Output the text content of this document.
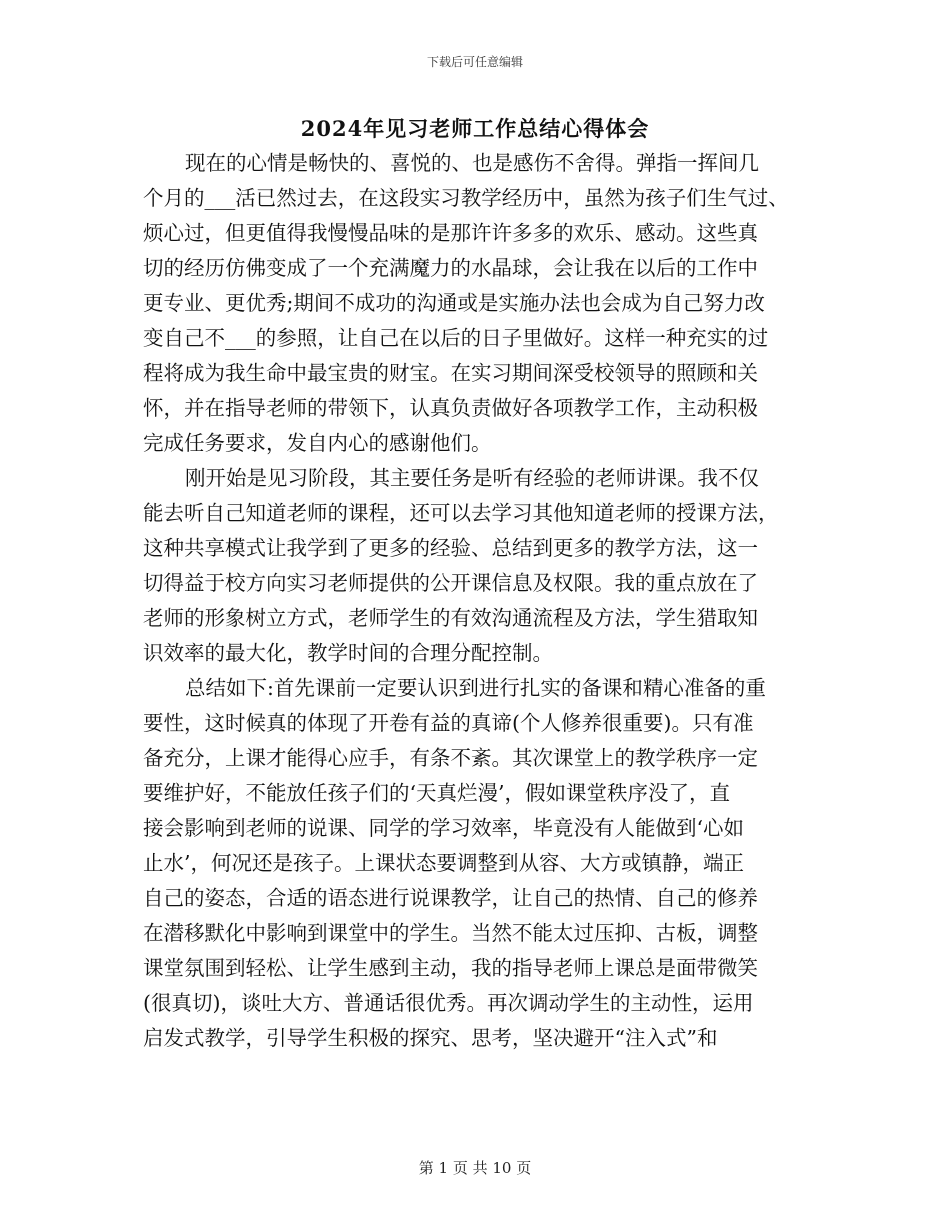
下载后可任意编辑
2024年见习老师工作总结心得体会
现在的心情是畅快的、喜悦的、也是感伤不舍得。弹指一挥间几
个月的___活已然过去，在这段实习教学经历中，虽然为孩子们生气过、
烦心过，但更值得我慢慢品味的是那许许多多的欢乐、感动。这些真
切的经历仿佛变成了一个充满魔力的水晶球，会让我在以后的工作中
更专业、更优秀;期间不成功的沟通或是实施办法也会成为自己努力改
变自己不___的参照，让自己在以后的日子里做好。这样一种充实的过
程将成为我生命中最宝贵的财宝。在实习期间深受校领导的照顾和关
怀，并在指导老师的带领下，认真负责做好各项教学工作，主动积极
完成任务要求，发自内心的感谢他们。
刚开始是见习阶段，其主要任务是听有经验的老师讲课。我不仅
能去听自己知道老师的课程，还可以去学习其他知道老师的授课方法，
这种共享模式让我学到了更多的经验、总结到更多的教学方法，这一
切得益于校方向实习老师提供的公开课信息及权限。我的重点放在了
老师的形象树立方式，老师学生的有效沟通流程及方法，学生猎取知
识效率的最大化，教学时间的合理分配控制。
总结如下:首先课前一定要认识到进行扎实的备课和精心准备的重
要性，这时候真的体现了开卷有益的真谛(个人修养很重要)。只有准
备充分，上课才能得心应手，有条不紊。其次课堂上的教学秩序一定
要维护好，不能放任孩子们的‘天真烂漫’，假如课堂秩序没了，直
接会影响到老师的说课、同学的学习效率，毕竟没有人能做到‘心如
止水’，何况还是孩子。上课状态要调整到从容、大方或镇静，端正
自己的姿态，合适的语态进行说课教学，让自己的热情、自己的修养
在潜移默化中影响到课堂中的学生。当然不能太过压抑、古板，调整
课堂氛围到轻松、让学生感到主动，我的指导老师上课总是面带微笑
(很真切)，谈吐大方、普通话很优秀。再次调动学生的主动性，运用
启发式教学，引导学生积极的探究、思考，坚决避开“注入式”和
第 1 页 共 10 页
